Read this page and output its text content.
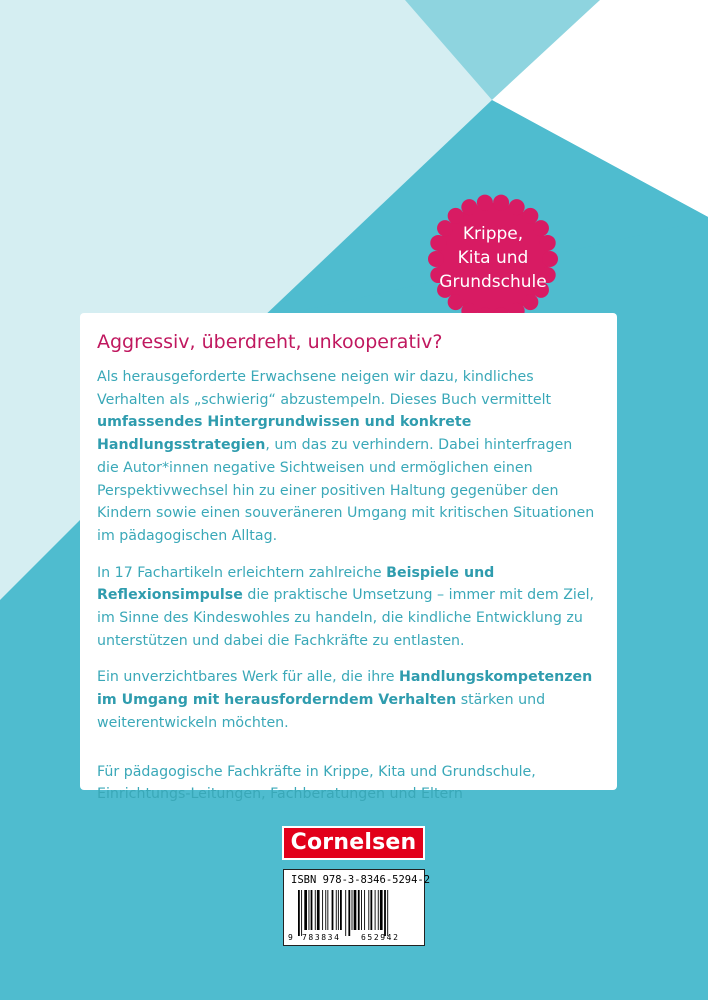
Krippe,
Kita und
Grundschule
Aggressiv, überdreht, unkooperativ?

Als herausgeforderte Erwachsene neigen wir dazu, kindliches Verhalten als „schwierig“ abzustempeln. Dieses Buch vermittelt umfassendes Hintergrundwissen und konkrete Handlungsstrategien, um das zu verhindern. Dabei hinterfragen die Autor*innen negative Sichtweisen und ermöglichen einen Perspektivwechsel hin zu einer positiven Haltung gegenüber den Kindern sowie einen souveräneren Umgang mit kritischen Situationen im pädagogischen Alltag.

In 17 Fachartikeln erleichtern zahlreiche Beispiele und Reflexionsimpulse die praktische Umsetzung – immer mit dem Ziel, im Sinne des Kindeswohles zu handeln, die kindliche Entwicklung zu unterstützen und dabei die Fachkräfte zu entlasten.

Ein unverzichtbares Werk für alle, die ihre Handlungskompetenzen im Umgang mit herausforderndem Verhalten stärken und weiterentwickeln möchten.

Für pädagogische Fachkräfte in Krippe, Kita und Grundschule, Einrichtungs-Leitungen, Fachberatungen und Eltern

Cornelsen
ISBN 978-3-8346-5294-2
9 783834	652942
